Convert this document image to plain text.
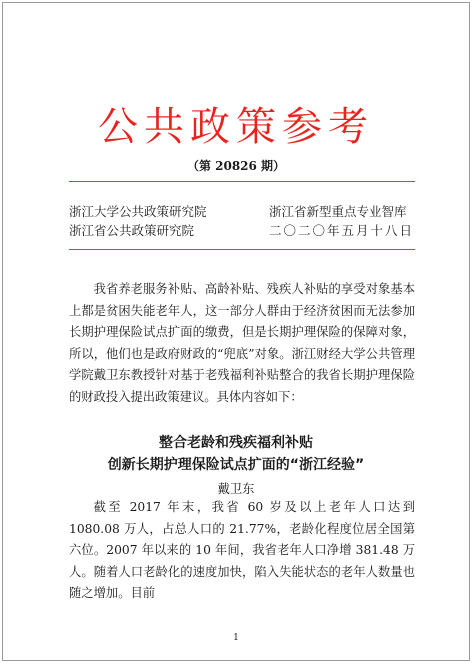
公共政策参考
（第 20826 期）
浙江大学公共政策研究院
浙江省公共政策研究院
浙江省新型重点专业智库
二〇二〇年五月十八日

我省养老服务补贴、高龄补贴、残疾人补贴的享受对象基本上都是贫困失能老年人，这一部分人群由于经济贫困而无法参加长期护理保险试点扩面的缴费，但是长期护理保险的保障对象，所以，他们也是政府财政的“兜底”对象。浙江财经大学公共管理学院戴卫东教授针对基于老残福利补贴整合的我省长期护理保险的财政投入提出政策建议。具体内容如下：

整合老龄和残疾福利补贴
创新长期护理保险试点扩面的“浙江经验”
戴卫东

截至 2017 年末，我省 60 岁及以上老年人口达到 1080.08 万人，占总人口的 21.77%，老龄化程度位居全国第六位。2007 年以来的 10 年间，我省老年人口净增 381.48 万人。随着人口老龄化的速度加快，陷入失能状态的老年人数量也随之增加。目前

1
